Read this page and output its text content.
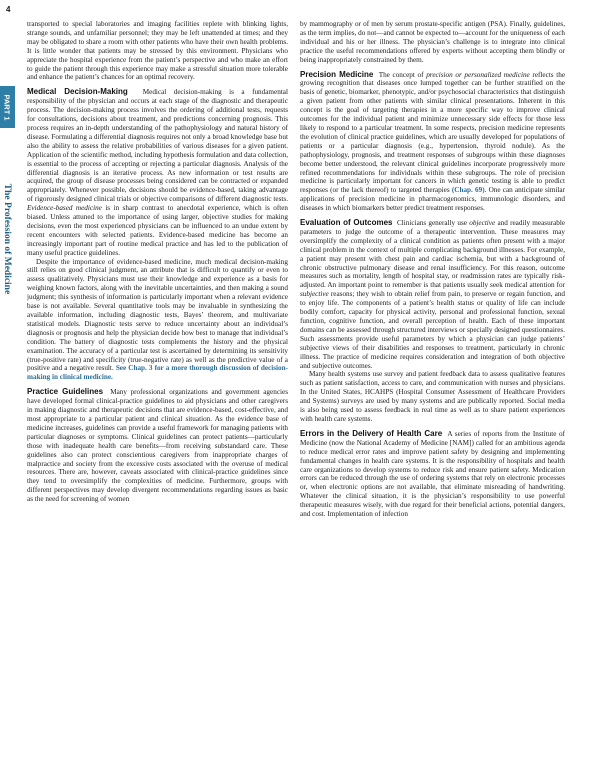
4
PART 1
The Profession of Medicine

transported to special laboratories and imaging facilities replete with blinking lights, strange sounds, and unfamiliar personnel; they may be left unattended at times; and they may be obligated to share a room with other patients who have their own health problems. It is little wonder that patients may be stressed by this environment. Physicians who appreciate the hospital experience from the patient’s perspective and who make an effort to guide the patient through this experience may make a stressful situation more tolerable and enhance the patient’s chances for an optimal recovery.

Medical Decision-Making Medical decision-making is a fundamental responsibility of the physician and occurs at each stage of the diagnostic and therapeutic process. The decision-making process involves the ordering of additional tests, requests for consultations, decisions about treatment, and predictions concerning prognosis. This process requires an in-depth understanding of the pathophysiology and natural history of disease. Formulating a differential diagnosis requires not only a broad knowledge base but also the ability to assess the relative probabilities of various diseases for a given patient. Application of the scientific method, including hypothesis formulation and data collection, is essential to the process of accepting or rejecting a particular diagnosis. Analysis of the differential diagnosis is an iterative process. As new information or test results are acquired, the group of disease processes being considered can be contracted or expanded appropriately. Whenever possible, decisions should be evidence-based, taking advantage of rigorously designed clinical trials or objective comparisons of different diagnostic tests. Evidence-based medicine is in sharp contrast to anecdotal experience, which is often biased. Unless attuned to the importance of using larger, objective studies for making decisions, even the most experienced physicians can be influenced to an undue extent by recent encounters with selected patients. Evidence-based medicine has become an increasingly important part of routine medical practice and has led to the publication of many useful practice guidelines.

Despite the importance of evidence-based medicine, much medical decision-making still relies on good clinical judgment, an attribute that is difficult to quantify or even to assess qualitatively. Physicians must use their knowledge and experience as a basis for weighing known factors, along with the inevitable uncertainties, and then making a sound judgment; this synthesis of information is particularly important when a relevant evidence base is not available. Several quantitative tools may be invaluable in synthesizing the available information, including diagnostic tests, Bayes’ theorem, and multivariate statistical models. Diagnostic tests serve to reduce uncertainty about an individual’s diagnosis or prognosis and help the physician decide how best to manage that individual’s condition. The battery of diagnostic tests complements the history and the physical examination. The accuracy of a particular test is ascertained by determining its sensitivity (true-positive rate) and specificity (true-negative rate) as well as the predictive value of a positive and a negative result. See Chap. 3 for a more thorough discussion of decision-making in clinical medicine.

Practice Guidelines Many professional organizations and government agencies have developed formal clinical-practice guidelines to aid physicians and other caregivers in making diagnostic and therapeutic decisions that are evidence-based, cost-effective, and most appropriate to a particular patient and clinical situation. As the evidence base of medicine increases, guidelines can provide a useful framework for managing patients with particular diagnoses or symptoms. Clinical guidelines can protect patients—particularly those with inadequate health care benefits—from receiving substandard care. These guidelines also can protect conscientious caregivers from inappropriate charges of malpractice and society from the excessive costs associated with the overuse of medical resources. There are, however, caveats associated with clinical-practice guidelines since they tend to oversimplify the complexities of medicine. Furthermore, groups with different perspectives may develop divergent recommendations regarding issues as basic as the need for screening of women

by mammography or of men by serum prostate-specific antigen (PSA). Finally, guidelines, as the term implies, do not—and cannot be expected to—account for the uniqueness of each individual and his or her illness. The physician’s challenge is to integrate into clinical practice the useful recommendations offered by experts without accepting them blindly or being inappropriately constrained by them.

Precision Medicine The concept of precision or personalized medicine reflects the growing recognition that diseases once lumped together can be further stratified on the basis of genetic, biomarker, phenotypic, and/or psychosocial characteristics that distinguish a given patient from other patients with similar clinical presentations. Inherent in this concept is the goal of targeting therapies in a more specific way to improve clinical outcomes for the individual patient and minimize unnecessary side effects for those less likely to respond to a particular treatment. In some respects, precision medicine represents the evolution of clinical practice guidelines, which are usually developed for populations of patients or a particular diagnosis (e.g., hypertension, thyroid nodule). As the pathophysiology, prognosis, and treatment responses of subgroups within these diagnoses become better understood, the relevant clinical guidelines incorporate progressively more refined recommendations for individuals within these subgroups. The role of precision medicine is particularly important for cancers in which genetic testing is able to predict responses (or the lack thereof) to targeted therapies (Chap. 69). One can anticipate similar applications of precision medicine in pharmacogenomics, immunologic disorders, and diseases in which biomarkers better predict treatment responses.

Evaluation of Outcomes Clinicians generally use objective and readily measurable parameters to judge the outcome of a therapeutic intervention. These measures may oversimplify the complexity of a clinical condition as patients often present with a major clinical problem in the context of multiple complicating background illnesses. For example, a patient may present with chest pain and cardiac ischemia, but with a background of chronic obstructive pulmonary disease and renal insufficiency. For this reason, outcome measures such as mortality, length of hospital stay, or readmission rates are typically risk-adjusted. An important point to remember is that patients usually seek medical attention for subjective reasons; they wish to obtain relief from pain, to preserve or regain function, and to enjoy life. The components of a patient’s health status or quality of life can include bodily comfort, capacity for physical activity, personal and professional function, sexual function, cognitive function, and overall perception of health. Each of these important domains can be assessed through structured interviews or specially designed questionnaires. Such assessments provide useful parameters by which a physician can judge patients’ subjective views of their disabilities and responses to treatment, particularly in chronic illness. The practice of medicine requires consideration and integration of both objective and subjective outcomes.

Many health systems use survey and patient feedback data to assess qualitative features such as patient satisfaction, access to care, and communication with nurses and physicians. In the United States, HCAHPS (Hospital Consumer Assessment of Healthcare Providers and Systems) surveys are used by many systems and are publically reported. Social media is also being used to assess feedback in real time as well as to share patient experiences with health care systems.

Errors in the Delivery of Health Care A series of reports from the Institute of Medicine (now the National Academy of Medicine [NAM]) called for an ambitious agenda to reduce medical error rates and improve patient safety by designing and implementing fundamental changes in health care systems. It is the responsibility of hospitals and health care organizations to develop systems to reduce risk and ensure patient safety. Medication errors can be reduced through the use of ordering systems that rely on electronic processes or, when electronic options are not available, that eliminate misreading of handwriting. Whatever the clinical situation, it is the physician’s responsibility to use powerful therapeutic measures wisely, with due regard for their beneficial actions, potential dangers, and cost. Implementation of infection
